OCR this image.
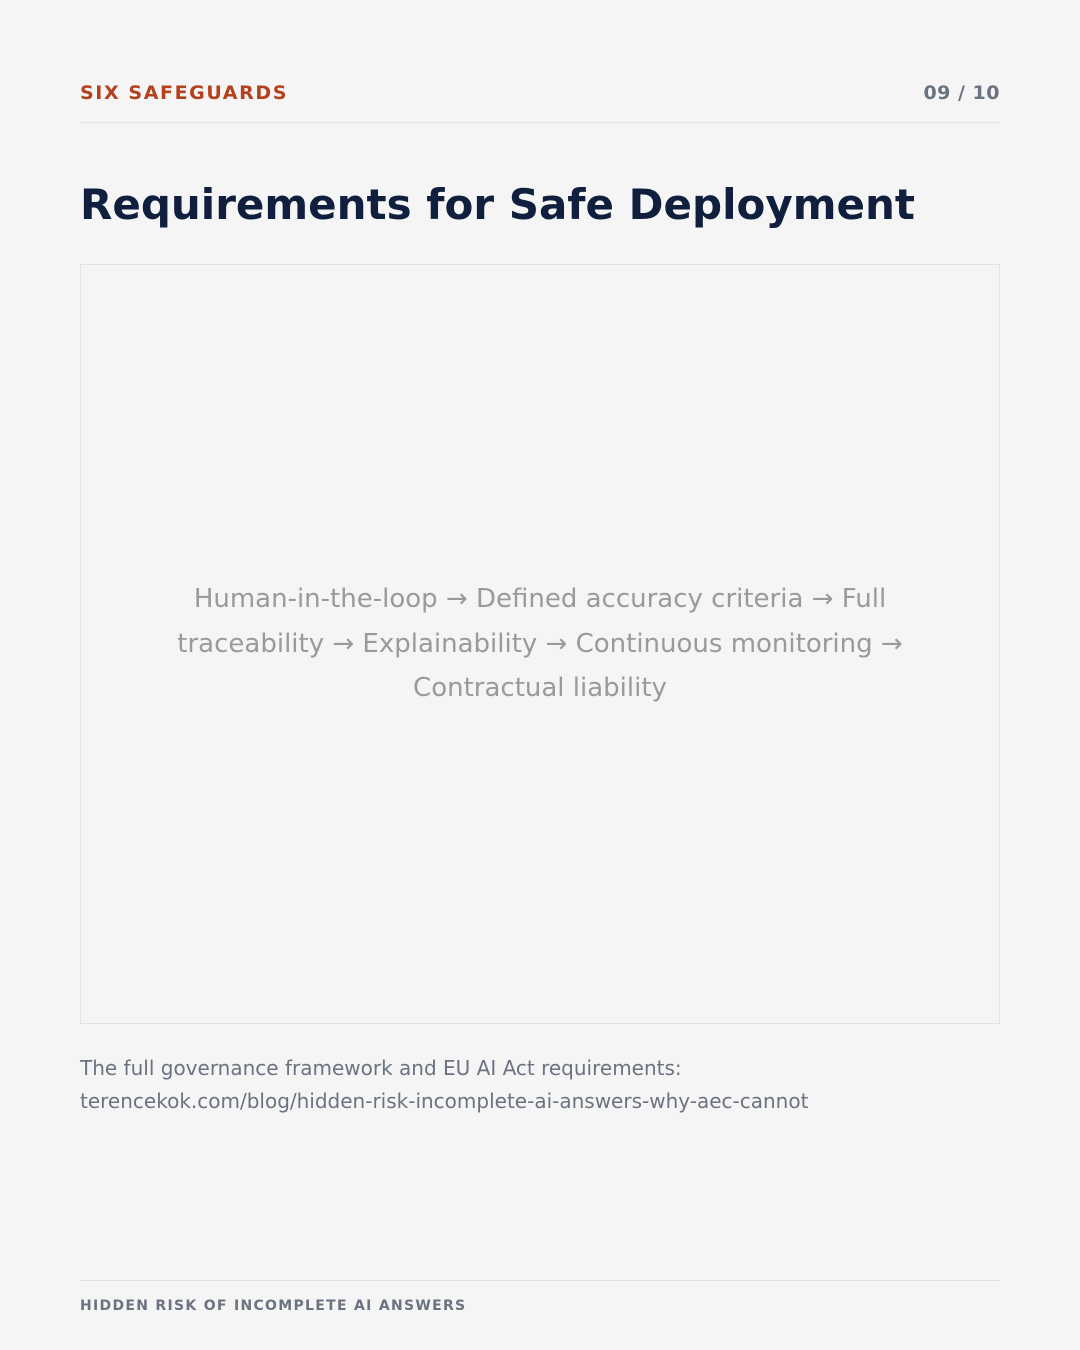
SIX SAFEGUARDS	09 / 10
Requirements for Safe Deployment
Human-in-the-loop → Defined accuracy criteria → Full traceability → Explainability → Continuous monitoring → Contractual liability
The full governance framework and EU AI Act requirements:
terencekok.com/blog/hidden-risk-incomplete-ai-answers-why-aec-cannot
HIDDEN RISK OF INCOMPLETE AI ANSWERS
